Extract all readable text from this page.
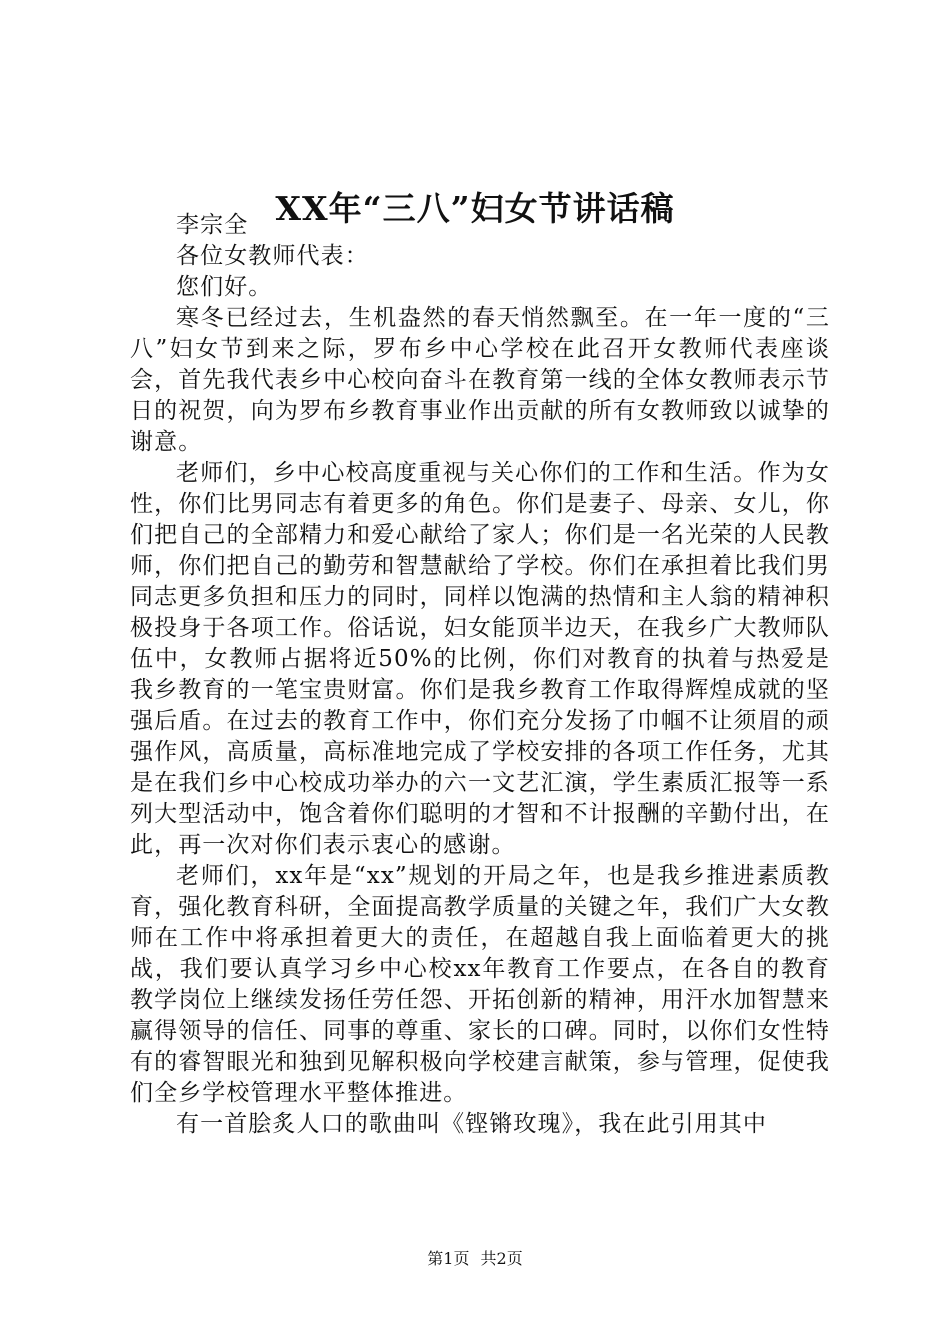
XX年“三八”妇女节讲话稿

李宗全

各位女教师代表：

您们好。

寒冬已经过去，生机盎然的春天悄然飘至。在一年一度的“三八”妇女节到来之际，罗布乡中心学校在此召开女教师代表座谈会，首先我代表乡中心校向奋斗在教育第一线的全体女教师表示节日的祝贺，向为罗布乡教育事业作出贡献的所有女教师致以诚挚的谢意。

老师们，乡中心校高度重视与关心你们的工作和生活。作为女性，你们比男同志有着更多的角色。你们是妻子、母亲、女儿，你们把自己的全部精力和爱心献给了家人；你们是一名光荣的人民教师，你们把自己的勤劳和智慧献给了学校。你们在承担着比我们男同志更多负担和压力的同时，同样以饱满的热情和主人翁的精神积极投身于各项工作。俗话说，妇女能顶半边天，在我乡广大教师队伍中，女教师占据将近50%的比例，你们对教育的执着与热爱是我乡教育的一笔宝贵财富。你们是我乡教育工作取得辉煌成就的坚强后盾。在过去的教育工作中，你们充分发扬了巾帼不让须眉的顽强作风，高质量，高标准地完成了学校安排的各项工作任务，尤其是在我们乡中心校成功举办的六一文艺汇演，学生素质汇报等一系列大型活动中，饱含着你们聪明的才智和不计报酬的辛勤付出，在此，再一次对你们表示衷心的感谢。

老师们，xx年是“xx”规划的开局之年，也是我乡推进素质教育，强化教育科研，全面提高教学质量的关键之年，我们广大女教师在工作中将承担着更大的责任，在超越自我上面临着更大的挑战，我们要认真学习乡中心校xx年教育工作要点，在各自的教育教学岗位上继续发扬任劳任怨、开拓创新的精神，用汗水加智慧来赢得领导的信任、同事的尊重、家长的口碑。同时，以你们女性特有的睿智眼光和独到见解积极向学校建言献策，参与管理，促使我们全乡学校管理水平整体推进。

有一首脍炙人口的歌曲叫《铿锵玫瑰》，我在此引用其中

第1页 共2页
